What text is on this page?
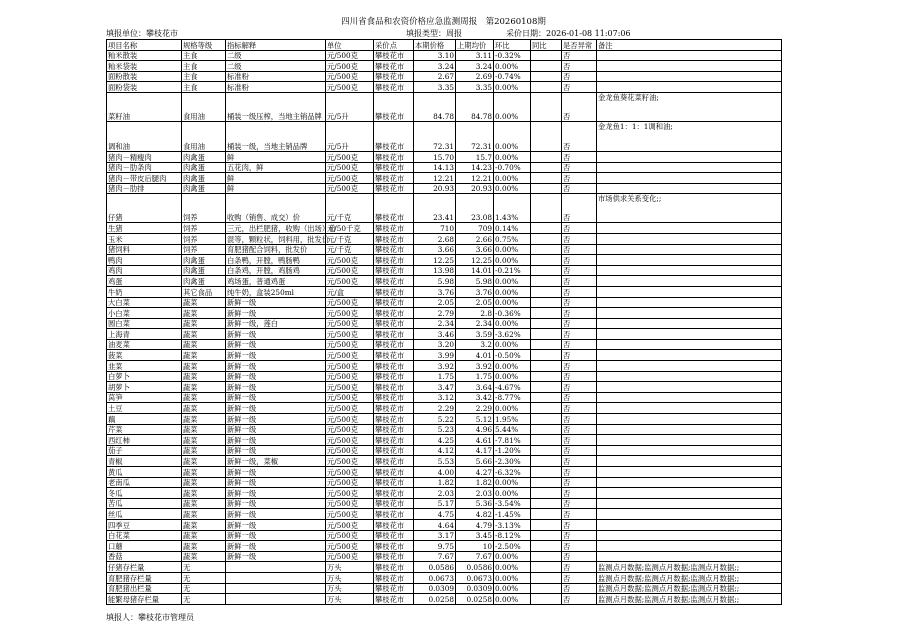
四川省食品和农资价格应急监测周报　第20260108期
填报单位：攀枝花市	填报类型：周报	采价日期：2026-01-08 11:07:06
项目名称	规格等级	指标解释	单位	采价点	本期价格	上期均价	环比	同比	是否异常	备注
籼米散装	主食	二级	元/500克	攀枝花市	3.10	3.11	-0.32%		否	
籼米袋装	主食	二级	元/500克	攀枝花市	3.24	3.24	0.00%		否	
面粉散装	主食	标准粉	元/500克	攀枝花市	2.67	2.69	-0.74%		否	
面粉袋装	主食	标准粉	元/500克	攀枝花市	3.35	3.35	0.00%		否	
菜籽油	食用油	桶装一级压榨，当地主销品牌	元/5升	攀枝花市	84.78	84.78	0.00%		否	金龙鱼葵花菜籽油;
调和油	食用油	桶装一级，当地主销品牌	元/5升	攀枝花市	72.31	72.31	0.00%		否	金龙鱼1：1：1调和油;
猪肉－精瘦肉	肉禽蛋	鲜	元/500克	攀枝花市	15.70	15.7	0.00%		否	
猪肉－肋条肉	肉禽蛋	五花肉，鲜	元/500克	攀枝花市	14.13	14.23	-0.70%		否	
猪肉－带皮后腿肉	肉禽蛋	鲜	元/500克	攀枝花市	12.21	12.21	0.00%		否	
猪肉－肋排	肉禽蛋	鲜	元/500克	攀枝花市	20.93	20.93	0.00%		否	
仔猪	饲养	收购（销售、成交）价	元/千克	攀枝花市	23.41	23.08	1.43%		否	市场供求关系变化;;
生猪	饲养	三元，出栏肥猪，收购（出场）价	元/50千克	攀枝花市	710	709	0.14%		否	
玉米	饲养	混等，颗粒状，饲料用，批发价	元/千克	攀枝花市	2.68	2.66	0.75%		否	
猪饲料	饲养	育肥猪配合饲料，批发价	元/千克	攀枝花市	3.66	3.66	0.00%		否	
鸭肉	肉禽蛋	白条鸭，开膛，鸭肠鸭	元/500克	攀枝花市	12.25	12.25	0.00%		否	
鸡肉	肉禽蛋	白条鸡，开膛，鸡肠鸡	元/500克	攀枝花市	13.98	14.01	-0.21%		否	
鸡蛋	肉禽蛋	鸡场蛋，普通鸡蛋	元/500克	攀枝花市	5.98	5.98	0.00%		否	
牛奶	其它食品	纯牛奶，盒装250ml	元/盒	攀枝花市	3.76	3.76	0.00%		否	
大白菜	蔬菜	新鲜一级	元/500克	攀枝花市	2.05	2.05	0.00%		否	
小白菜	蔬菜	新鲜一级	元/500克	攀枝花市	2.79	2.8	-0.36%		否	
圆白菜	蔬菜	新鲜一级，莲白	元/500克	攀枝花市	2.34	2.34	0.00%		否	
上海青	蔬菜	新鲜一级	元/500克	攀枝花市	3.46	3.59	-3.62%		否	
油麦菜	蔬菜	新鲜一级	元/500克	攀枝花市	3.20	3.2	0.00%		否	
菠菜	蔬菜	新鲜一级	元/500克	攀枝花市	3.99	4.01	-0.50%		否	
韭菜	蔬菜	新鲜一级	元/500克	攀枝花市	3.92	3.92	0.00%		否	
白萝卜	蔬菜	新鲜一级	元/500克	攀枝花市	1.75	1.75	0.00%		否	
胡萝卜	蔬菜	新鲜一级	元/500克	攀枝花市	3.47	3.64	-4.67%		否	
莴笋	蔬菜	新鲜一级	元/500克	攀枝花市	3.12	3.42	-8.77%		否	
土豆	蔬菜	新鲜一级	元/500克	攀枝花市	2.29	2.29	0.00%		否	
藕	蔬菜	新鲜一级	元/500克	攀枝花市	5.22	5.12	1.95%		否	
芹菜	蔬菜	新鲜一级	元/500克	攀枝花市	5.23	4.96	5.44%		否	
西红柿	蔬菜	新鲜一级	元/500克	攀枝花市	4.25	4.61	-7.81%		否	
茄子	蔬菜	新鲜一级	元/500克	攀枝花市	4.12	4.17	-1.20%		否	
青椒	蔬菜	新鲜一级，菜椒	元/500克	攀枝花市	5.53	5.66	-2.30%		否	
黄瓜	蔬菜	新鲜一级	元/500克	攀枝花市	4.00	4.27	-6.32%		否	
老南瓜	蔬菜	新鲜一级	元/500克	攀枝花市	1.82	1.82	0.00%		否	
冬瓜	蔬菜	新鲜一级	元/500克	攀枝花市	2.03	2.03	0.00%		否	
苦瓜	蔬菜	新鲜一级	元/500克	攀枝花市	5.17	5.36	-3.54%		否	
丝瓜	蔬菜	新鲜一级	元/500克	攀枝花市	4.75	4.82	-1.45%		否	
四季豆	蔬菜	新鲜一级	元/500克	攀枝花市	4.64	4.79	-3.13%		否	
白花菜	蔬菜	新鲜一级	元/500克	攀枝花市	3.17	3.45	-8.12%		否	
口蘑	蔬菜	新鲜一级	元/500克	攀枝花市	9.75	10	-2.50%		否	
香菇	蔬菜	新鲜一级	元/500克	攀枝花市	7.67	7.67	0.00%		否	
仔猪存栏量	无		万头	攀枝花市	0.0586	0.0586	0.00%		否	监测点月数据;监测点月数据;监测点月数据;;
育肥猪存栏量	无		万头	攀枝花市	0.0673	0.0673	0.00%		否	监测点月数据;监测点月数据;监测点月数据;;
育肥猪出栏量	无		万头	攀枝花市	0.0309	0.0309	0.00%		否	监测点月数据;监测点月数据;监测点月数据;;
能繁母猪存栏量	无		万头	攀枝花市	0.0258	0.0258	0.00%		否	监测点月数据;监测点月数据;监测点月数据;;
填报人：攀枝花市管理员
